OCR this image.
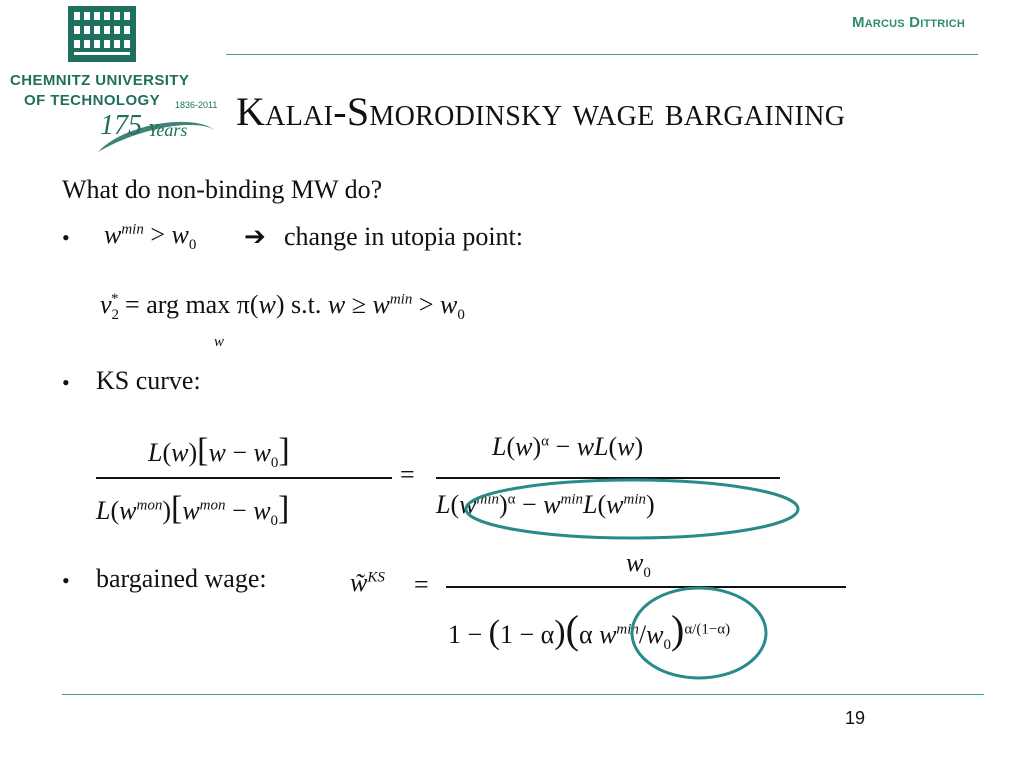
Marcus Dittrich
CHEMNITZ UNIVERSITY
OF TECHNOLOGY 1836-2011
175 Years Kalai-Smorodinsky wage bargaining
What do non-binding MW do?
• $w^{min} > w_0$ ➔ change in utopia point:
$v_2^*$ = arg max π(w) s.t. $w \ge w^{min} > w_0$
w
• KS curve:
$L(w)[w - w_0]$
$L(w^{mon})[w^{mon} - w_0]$
=
$L(w)^\alpha - wL(w)$
$L(w^{min})^\alpha - w^{min}L(w^{min})$
• bargained wage:	w̃$^{KS}$ =
$w_0$
1 − (1 − α)(α $w^{min}/w_0)^{\alpha/(1-\alpha)}$
19
